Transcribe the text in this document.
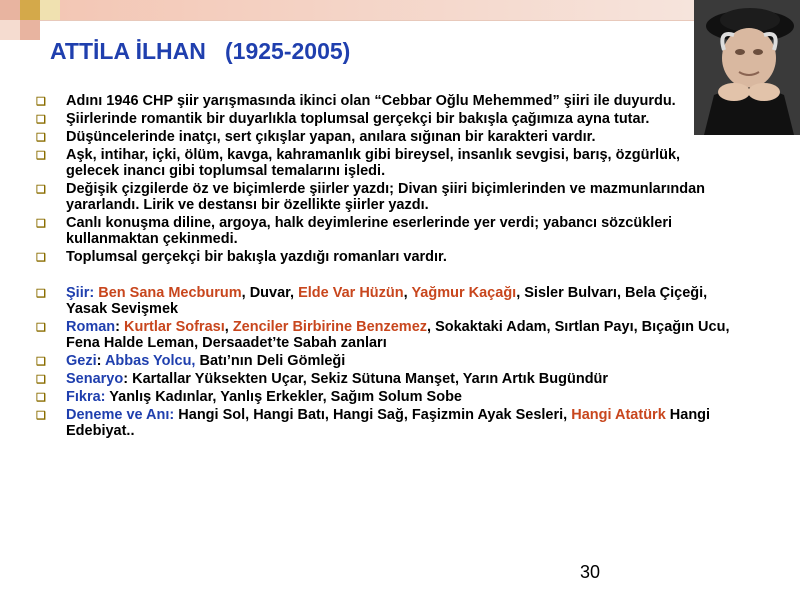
ATTİLA İLHAN   (1925-2005)
❑ Adını 1946 CHP şiir yarışmasında ikinci olan “Cebbar Oğlu Mehemmed” şiiri ile duyurdu.
❑ Şiirlerinde romantik bir duyarlıkla toplumsal gerçekçi bir bakışla çağımıza ayna tutar.
❑ Düşüncelerinde inatçı, sert çıkışlar yapan, anılara sığınan bir karakteri vardır.
❑ Aşk, intihar, içki, ölüm, kavga, kahramanlık gibi bireysel, insanlık sevgisi, barış, özgürlük, gelecek inancı gibi toplumsal temalarını işledi.
❑ Değişik çizgilerde öz ve biçimlerde şiirler yazdı; Divan şiiri biçimlerinden ve mazmunlarından yararlandı. Lirik ve destansı bir özellikte şiirler yazdı.
❑ Canlı konuşma diline, argoya, halk deyimlerine eserlerinde yer verdi; yabancı sözcükleri kullanmaktan çekinmedi.
❑ Toplumsal gerçekçi bir bakışla yazdığı romanları vardır.
❑ Şiir: Ben Sana Mecburum, Duvar, Elde Var Hüzün, Yağmur Kaçağı, Sisler Bulvarı, Bela Çiçeği, Yasak Sevişmek
❑ Roman: Kurtlar Sofrası, Zenciler Birbirine Benzemez, Sokaktaki Adam, Sırtlan Payı, Bıçağın Ucu, Fena Halde Leman, Dersaadet’te Sabah zanları
❑ Gezi: Abbas Yolcu, Batı’nın Deli Gömleği
❑ Senaryo: Kartallar Yüksekten Uçar, Sekiz Sütuna Manşet, Yarın Artık Bugündür
❑ Fıkra: Yanlış Kadınlar, Yanlış Erkekler, Sağım Solum Sobe
❑ Deneme ve Anı: Hangi Sol, Hangi Batı, Hangi Sağ, Faşizmin Ayak Sesleri, Hangi Atatürk Hangi Edebiyat..
30
